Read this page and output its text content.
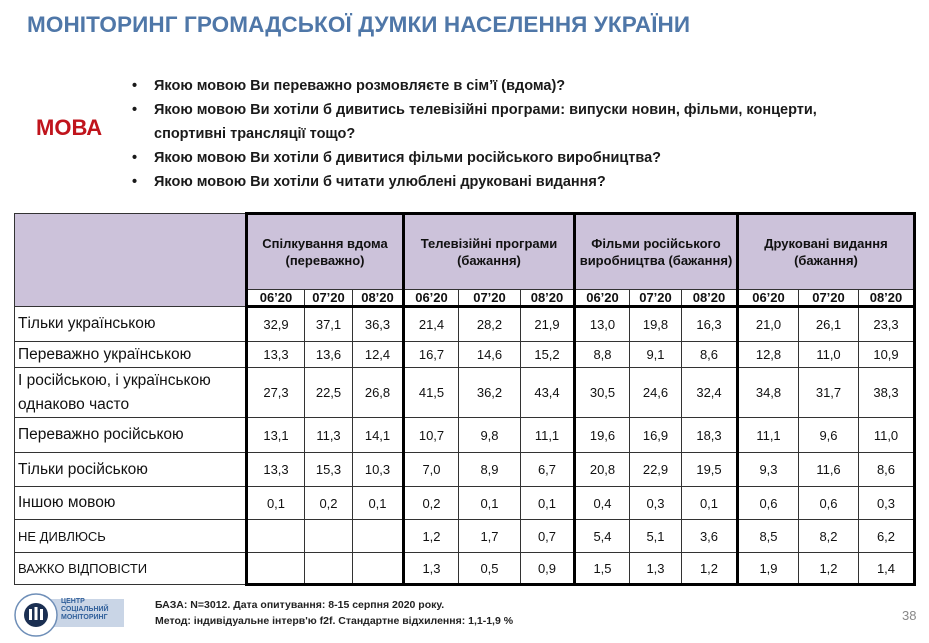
МОНІТОРИНГ ГРОМАДСЬКОЇ ДУМКИ НАСЕЛЕННЯ УКРАЇНИ
МОВА
• Якою мовою Ви переважно розмовляєте в сім’ї (вдома)?
• Якою мовою Ви хотіли б дивитись телевізійні програми: випуски новин, фільми, концерти, спортивні трансляції тощо?
• Якою мовою Ви хотіли б дивитися фільми російського виробництва?
• Якою мовою Ви хотіли б читати улюблені друковані видання?
	Спілкування вдома (переважно)			Телевізійні програми (бажання)			Фільми російського виробництва (бажання)			Друковані видання (бажання)		
	06’20	07’20	08’20	06’20	07’20	08’20	06’20	07’20	08’20	06’20	07’20	08’20
Тільки українською	32,9	37,1	36,3	21,4	28,2	21,9	13,0	19,8	16,3	21,0	26,1	23,3
Переважно українською	13,3	13,6	12,4	16,7	14,6	15,2	8,8	9,1	8,6	12,8	11,0	10,9
І російською, і українською однаково часто	27,3	22,5	26,8	41,5	36,2	43,4	30,5	24,6	32,4	34,8	31,7	38,3
Переважно російською	13,1	11,3	14,1	10,7	9,8	11,1	19,6	16,9	18,3	11,1	9,6	11,0
Тільки російською	13,3	15,3	10,3	7,0	8,9	6,7	20,8	22,9	19,5	9,3	11,6	8,6
Іншою мовою	0,1	0,2	0,1	0,2	0,1	0,1	0,4	0,3	0,1	0,6	0,6	0,3
НЕ ДИВЛЮСЬ				1,2	1,7	0,7	5,4	5,1	3,6	8,5	8,2	6,2
ВАЖКО ВІДПОВІСТИ				1,3	0,5	0,9	1,5	1,3	1,2	1,9	1,2	1,4
ЦЕНТР
СОЦІАЛЬНИЙ
МОНІТОРИНГ
БАЗА: N=3012. Дата опитування: 8-15 серпня 2020 року.
Метод: індивідуальне інтерв'ю f2f. Стандартне відхилення: 1,1-1,9 %	38
